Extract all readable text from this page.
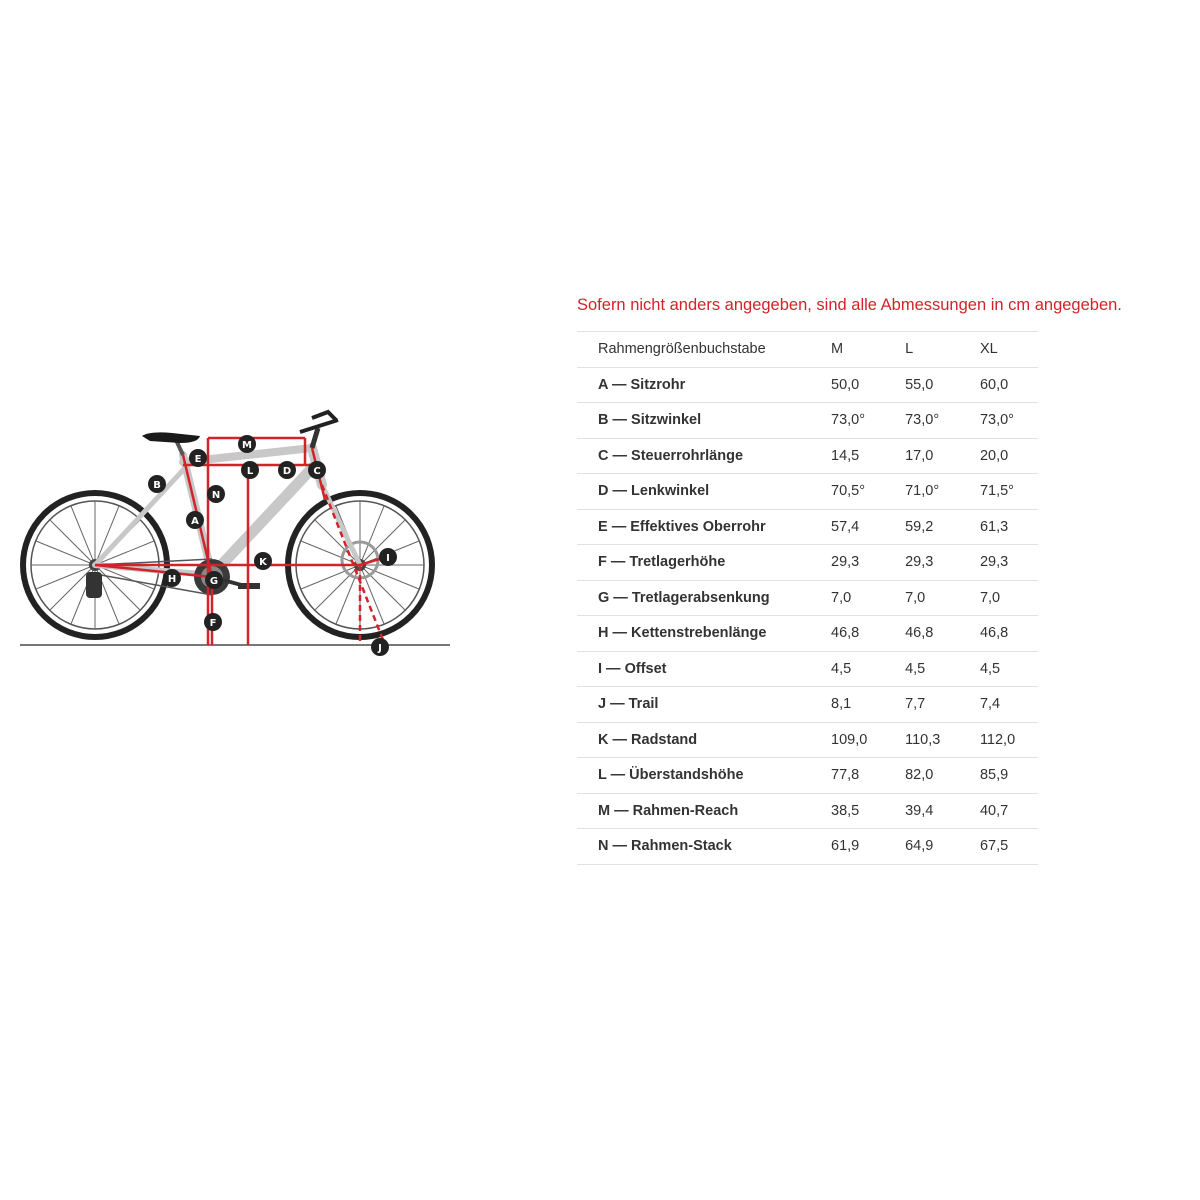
A
B
C
D
E
F
G
H
I
J
K
L
M
N
Sofern nicht anders angegeben, sind alle Abmessungen in cm angegeben.
Rahmengrößenbuchstabe	M	L	XL
A — Sitzrohr	50,0	55,0	60,0
B — Sitzwinkel	73,0°	73,0°	73,0°
C — Steuerrohrlänge	14,5	17,0	20,0
D — Lenkwinkel	70,5°	71,0°	71,5°
E — Effektives Oberrohr	57,4	59,2	61,3
F — Tretlagerhöhe	29,3	29,3	29,3
G — Tretlagerabsenkung	7,0	7,0	7,0
H — Kettenstrebenlänge	46,8	46,8	46,8
I — Offset	4,5	4,5	4,5
J — Trail	8,1	7,7	7,4
K — Radstand	109,0	110,3	112,0
L — Überstandshöhe	77,8	82,0	85,9
M — Rahmen-Reach	38,5	39,4	40,7
N — Rahmen-Stack	61,9	64,9	67,5
